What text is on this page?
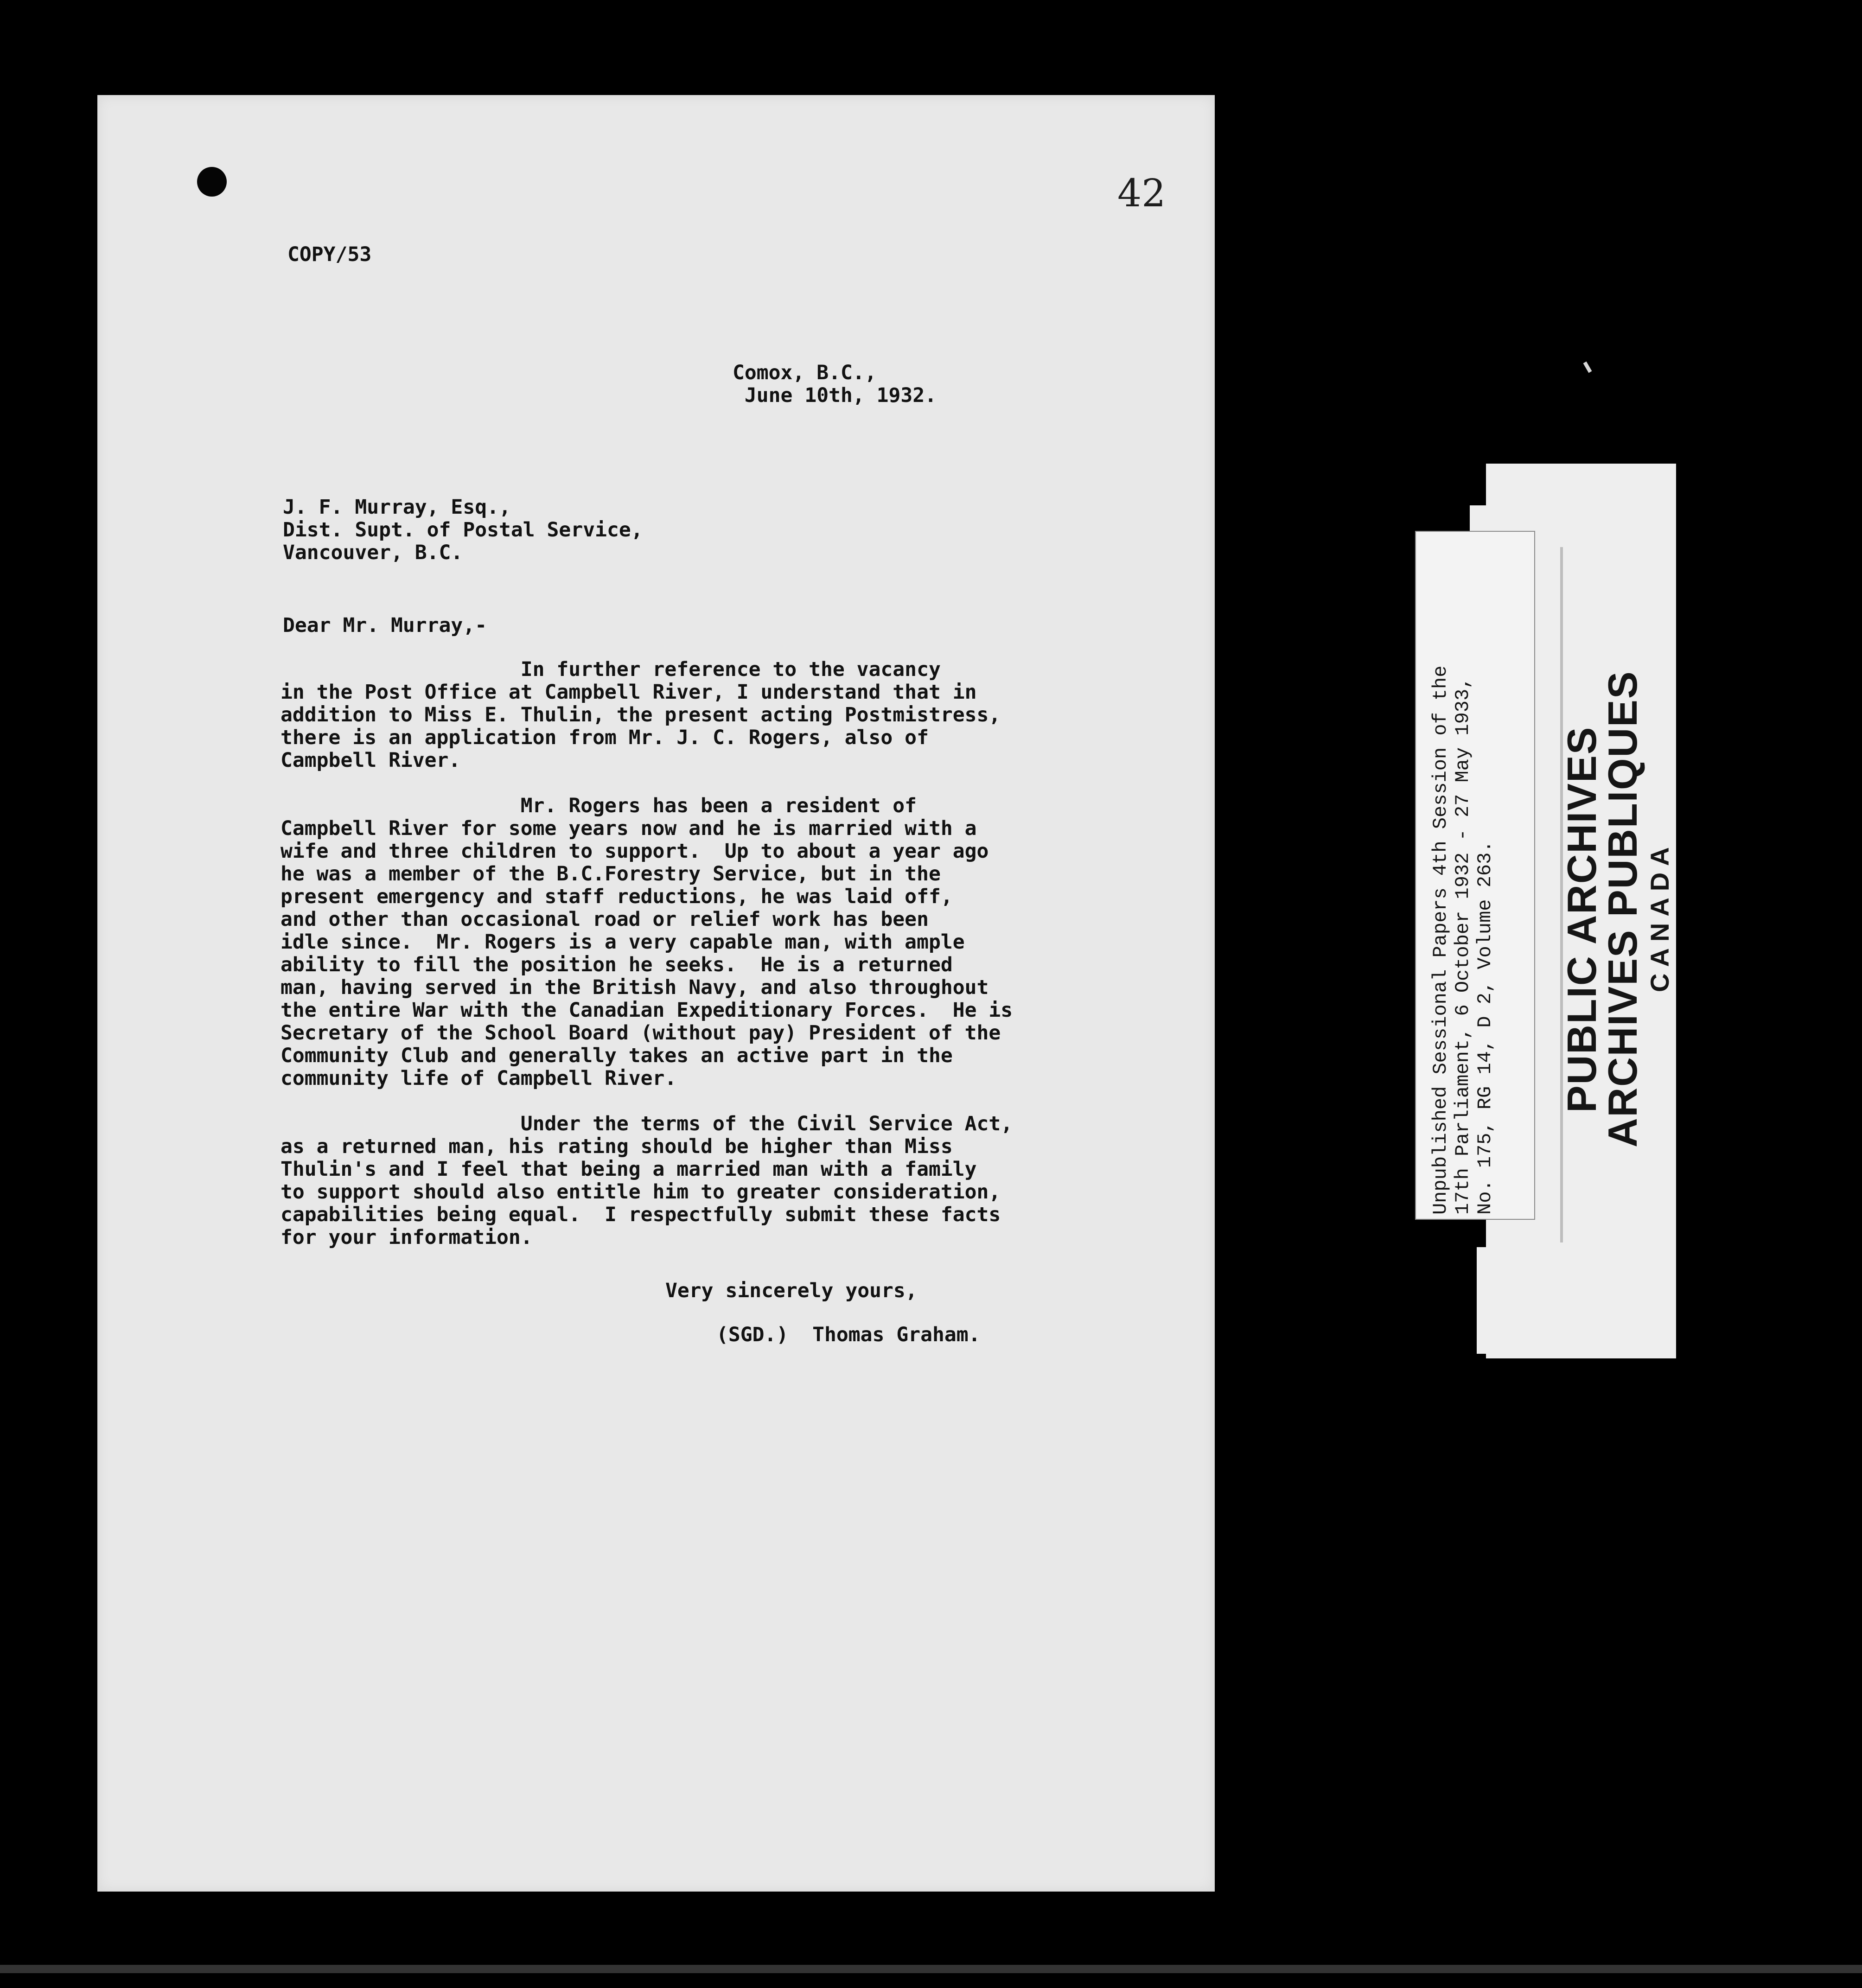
42
COPY/53
Comox, B.C.,
June 10th, 1932.
J. F. Murray, Esq.,
Dist. Supt. of Postal Service,
Vancouver, B.C.
Dear Mr. Murray,-
In further reference to the vacancy
in the Post Office at Campbell River, I understand that in
addition to Miss E. Thulin, the present acting Postmistress,
there is an application from Mr. J. C. Rogers, also of
Campbell River.

Mr. Rogers has been a resident of
Campbell River for some years now and he is married with a
wife and three children to support.  Up to about a year ago
he was a member of the B.C.Forestry Service, but in the
present emergency and staff reductions, he was laid off,
and other than occasional road or relief work has been
idle since.  Mr. Rogers is a very capable man, with ample
ability to fill the position he seeks.  He is a returned
man, having served in the British Navy, and also throughout
the entire War with the Canadian Expeditionary Forces.  He is
Secretary of the School Board (without pay) President of the
Community Club and generally takes an active part in the
community life of Campbell River.

Under the terms of the Civil Service Act,
as a returned man, his rating should be higher than Miss
Thulin's and I feel that being a married man with a family
to support should also entitle him to greater consideration,
capabilities being equal.  I respectfully submit these facts
for your information.
Very sincerely yours,
(SGD.)  Thomas Graham.
Unpublished Sessional Papers 4th Session of the
17th Parliament, 6 October 1932 - 27 May 1933,
No. 175, RG 14, D 2, Volume 263. PUBLIC ARCHIVES
ARCHIVES PUBLIQUES CANADA
